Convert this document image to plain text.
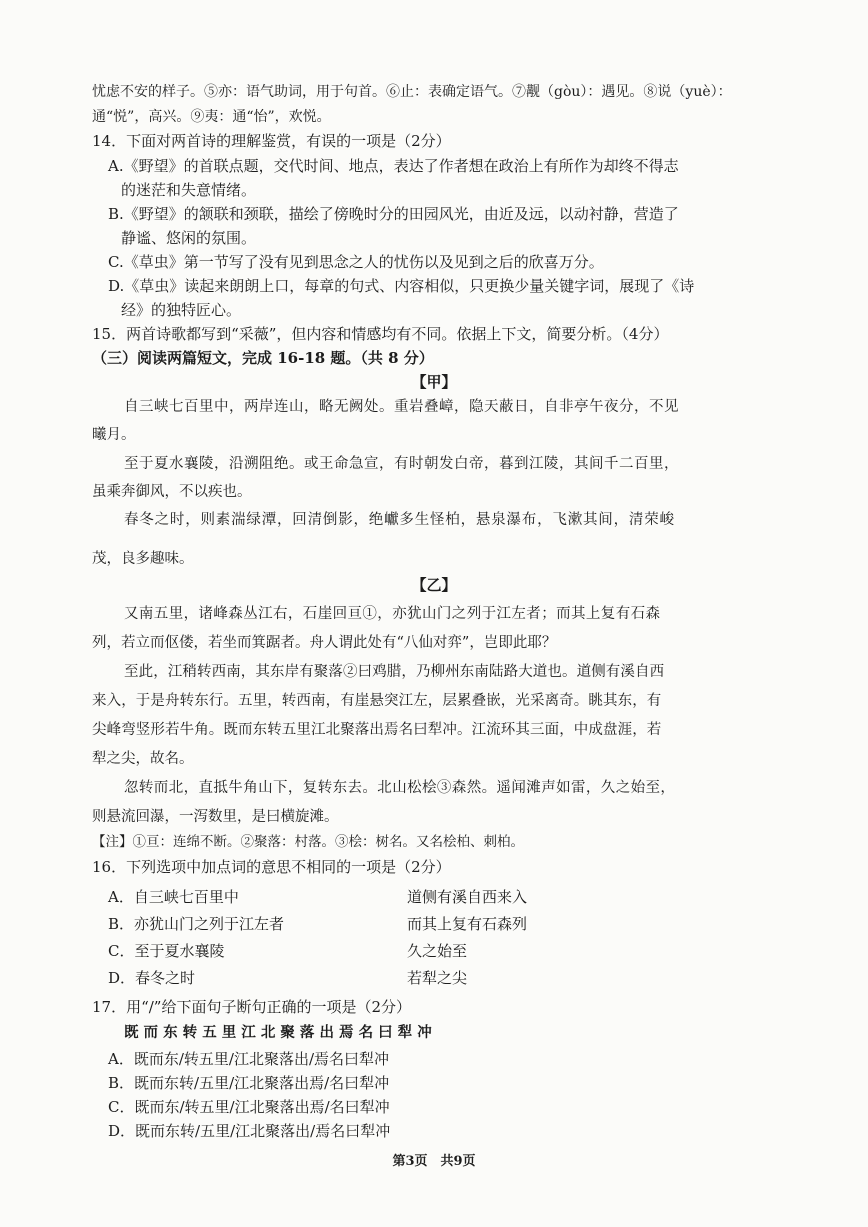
忧虑不安的样子。⑤亦：语气助词，用于句首。⑥止：表确定语气。⑦觏（gòu）：遇见。⑧说（yuè）：
通“悦”，高兴。⑨夷：通“怡”，欢悦。
14．下面对两首诗的理解鉴赏，有误的一项是（2分）
A.《野望》的首联点题，交代时间、地点，表达了作者想在政治上有所作为却终不得志
的迷茫和失意情绪。
B.《野望》的颔联和颈联，描绘了傍晚时分的田园风光，由近及远，以动衬静，营造了
静谧、悠闲的氛围。
C.《草虫》第一节写了没有见到思念之人的忧伤以及见到之后的欣喜万分。
D.《草虫》读起来朗朗上口，每章的句式、内容相似，只更换少量关键字词，展现了《诗
经》的独特匠心。
15．两首诗歌都写到“采薇”，但内容和情感均有不同。依据上下文，简要分析。（4分）
（三）阅读两篇短文，完成 16-18 题。（共 8 分）
【甲】
自三峡七百里中，两岸连山，略无阙处。重岩叠嶂，隐天蔽日，自非亭午夜分，不见
曦月。
至于夏水襄陵，沿溯阻绝。或王命急宣，有时朝发白帝，暮到江陵，其间千二百里，
虽乘奔御风，不以疾也。
春冬之时，则素湍绿潭，回清倒影，绝巘多生怪柏，悬泉瀑布，飞漱其间，清荣峻
茂，良多趣味。
【乙】
又南五里，诸峰森丛江右，石崖回亘①，亦犹山门之列于江左者；而其上复有石森
列，若立而伛偻，若坐而箕踞者。舟人谓此处有“八仙对弈”，岂即此耶？
至此，江稍转西南，其东岸有聚落②曰鸡腊，乃柳州东南陆路大道也。道侧有溪自西
来入，于是舟转东行。五里，转西南，有崖悬突江左，层累叠嵌，光采离奇。眺其东，有
尖峰弯竖形若牛角。既而东转五里江北聚落出焉名曰犁冲。江流环其三面，中成盘涯，若
犁之尖，故名。
忽转而北，直抵牛角山下，复转东去。北山松桧③森然。遥闻滩声如雷，久之始至，
则悬流回瀑，一泻数里，是曰横旋滩。
【注】①亘：连绵不断。②聚落：村落。③桧：树名。又名桧柏、刺柏。
16．下列选项中加点词的意思不相同的一项是（2分）
A．自三峡七百里中	道侧有溪自西来入
B．亦犹山门之列于江左者	而其上复有石森列
C．至于夏水襄陵	久之始至
D．春冬之时	若犁之尖
17．用“/”给下面句子断句正确的一项是（2分）
既 而 东 转 五 里 江 北 聚 落 出 焉 名 曰 犁 冲
A．既而东/转五里/江北聚落出/焉名曰犁冲
B．既而东转/五里/江北聚落出焉/名曰犁冲
C．既而东/转五里/江北聚落出焉/名曰犁冲
D．既而东转/五里/江北聚落出/焉名曰犁冲
第3页　共9页
